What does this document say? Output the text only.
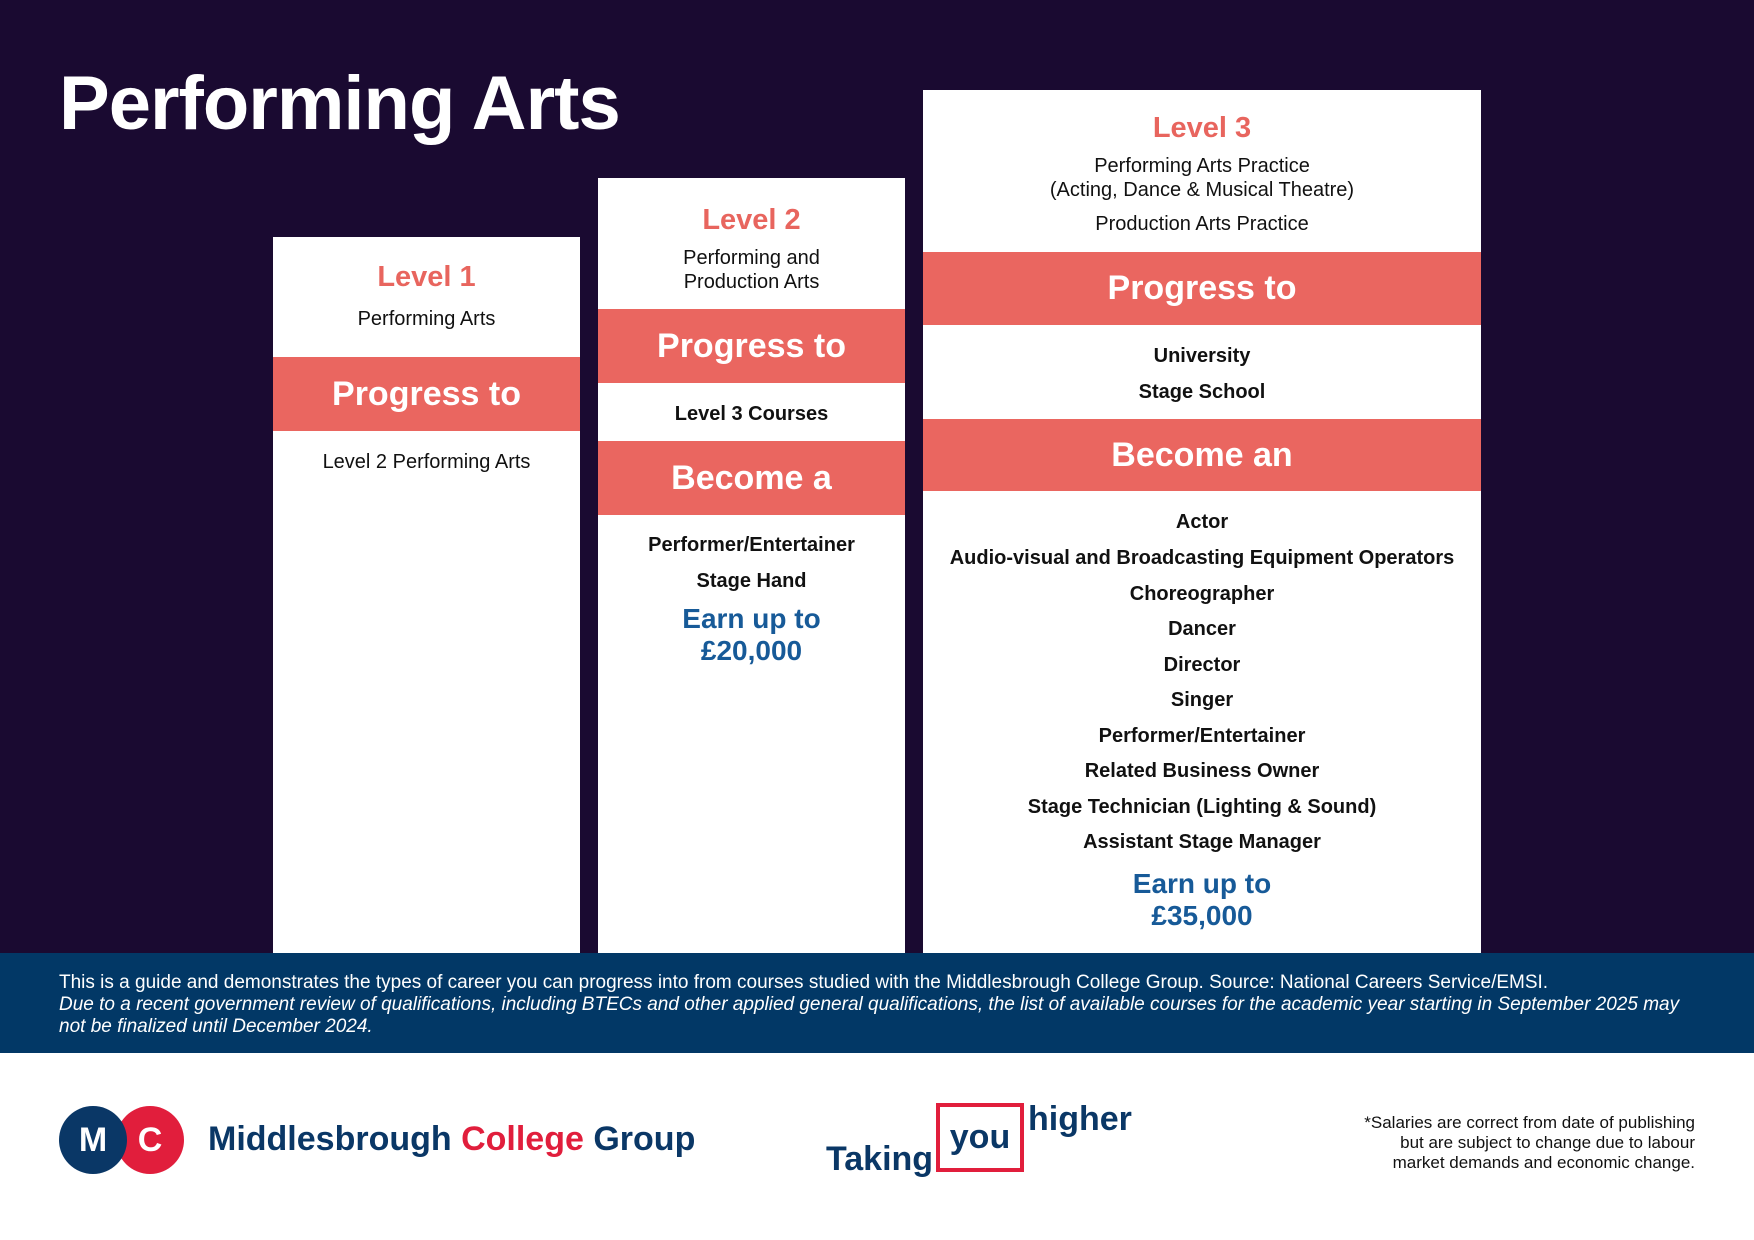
Performing Arts
Level 1
Performing Arts
Progress to
Level 2 Performing Arts
Level 2
Performing and
Production Arts
Progress to
Level 3 Courses
Become a
Performer/Entertainer
Stage Hand
Earn up to
£20,000
Level 3
Performing Arts Practice
(Acting, Dance & Musical Theatre)
Production Arts Practice
Progress to
University
Stage School
Become an
Actor
Audio-visual and Broadcasting Equipment Operators
Choreographer
Dancer
Director
Singer
Performer/Entertainer
Related Business Owner
Stage Technician (Lighting & Sound)
Assistant Stage Manager
Earn up to
£35,000
This is a guide and demonstrates the types of career you can progress into from courses studied with the Middlesbrough College Group. Source: National Careers Service/EMSI.
Due to a recent government review of qualifications, including BTECs and other applied general qualifications, the list of available courses for the academic year starting in September 2025 may not be finalized until December 2024.
M C	Middlesbrough College Group
Taking
you higher	*Salaries are correct from date of publishing
but are subject to change due to labour
market demands and economic change.
